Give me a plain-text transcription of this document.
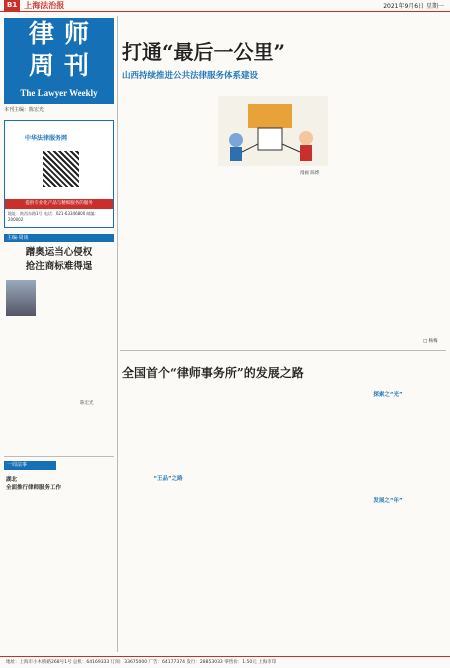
B1 上海法治报	2021年9月6日 星期一
律师周刊
The Lawyer Weekly
本刊主编：陈宏光
中华法律服务网
提供专业化产品与精细服务的服务
地址：陕西东路1号 电话：021-63346800 邮编：200002
主编·周谈
蹭奥运当心侵权
抢注商标难得逞
陈宏光
一周法事
湖北
全面推行律师服务工作
打通“最后一公里”
山西持续推进公共法律服务体系建设
漫画 陈烨
□ 杨梅
全国首个“律师事务所”的发展之路
“王品”之路
探索之“光”
发展之“年”
地址：上海市小木桥路268号1号 总机：64169333 订阅：33675000 广告：64177374 发行：28853033 零售价：1.50元 上海市印
